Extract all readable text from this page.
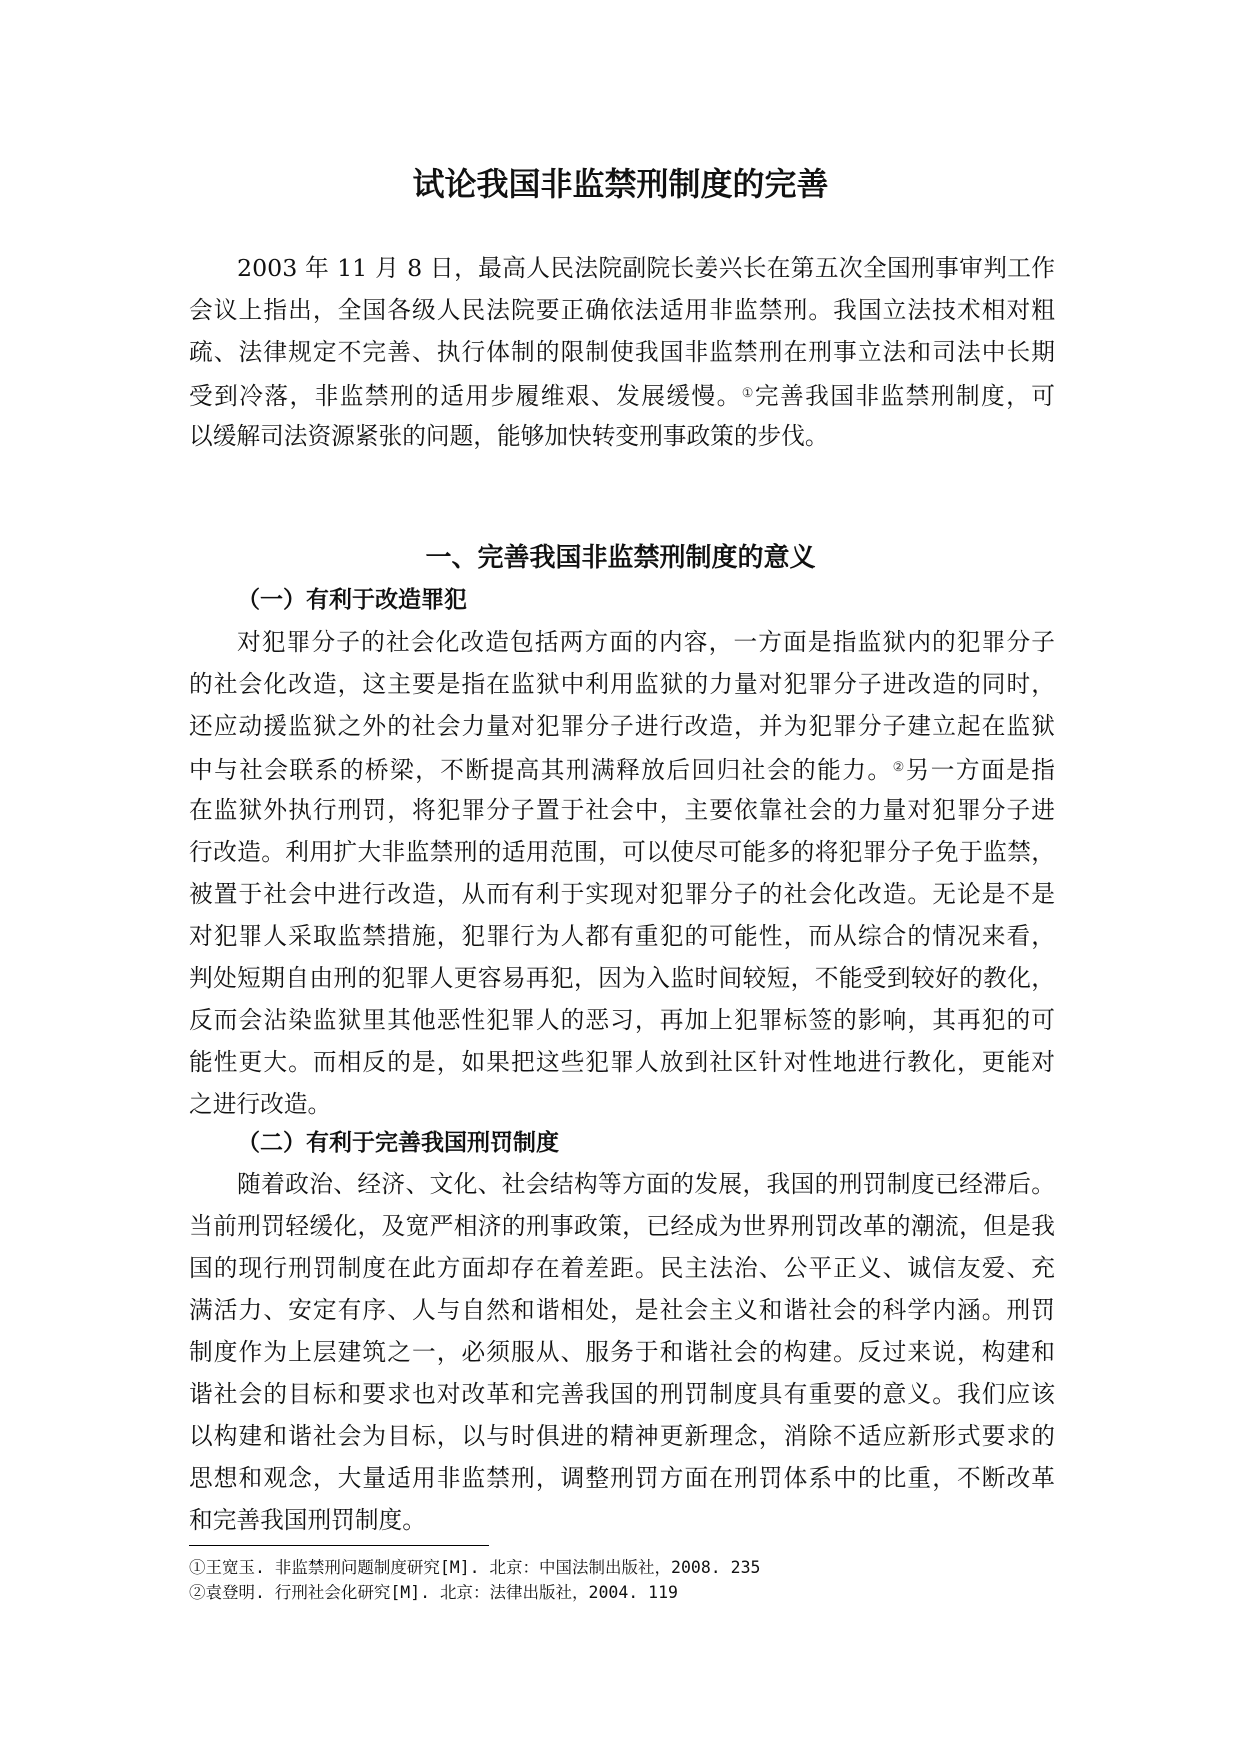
试论我国非监禁刑制度的完善
2003 年 11 月 8 日，最高人民法院副院长姜兴长在第五次全国刑事审判工作
会议上指出，全国各级人民法院要正确依法适用非监禁刑。我国立法技术相对粗
疏、法律规定不完善、执行体制的限制使我国非监禁刑在刑事立法和司法中长期
受到冷落，非监禁刑的适用步履维艰、发展缓慢。①完善我国非监禁刑制度，可
以缓解司法资源紧张的问题，能够加快转变刑事政策的步伐。
一、完善我国非监禁刑制度的意义
（一）有利于改造罪犯
对犯罪分子的社会化改造包括两方面的内容，一方面是指监狱内的犯罪分子
的社会化改造，这主要是指在监狱中利用监狱的力量对犯罪分子进改造的同时，
还应动援监狱之外的社会力量对犯罪分子进行改造，并为犯罪分子建立起在监狱
中与社会联系的桥梁，不断提高其刑满释放后回归社会的能力。②另一方面是指
在监狱外执行刑罚，将犯罪分子置于社会中，主要依靠社会的力量对犯罪分子进
行改造。利用扩大非监禁刑的适用范围，可以使尽可能多的将犯罪分子免于监禁，
被置于社会中进行改造，从而有利于实现对犯罪分子的社会化改造。无论是不是
对犯罪人采取监禁措施，犯罪行为人都有重犯的可能性，而从综合的情况来看，
判处短期自由刑的犯罪人更容易再犯，因为入监时间较短，不能受到较好的教化，
反而会沾染监狱里其他恶性犯罪人的恶习，再加上犯罪标签的影响，其再犯的可
能性更大。而相反的是，如果把这些犯罪人放到社区针对性地进行教化，更能对
之进行改造。
（二）有利于完善我国刑罚制度
随着政治、经济、文化、社会结构等方面的发展，我国的刑罚制度已经滞后。
当前刑罚轻缓化，及宽严相济的刑事政策，已经成为世界刑罚改革的潮流，但是我
国的现行刑罚制度在此方面却存在着差距。民主法治、公平正义、诚信友爱、充
满活力、安定有序、人与自然和谐相处，是社会主义和谐社会的科学内涵。刑罚
制度作为上层建筑之一，必须服从、服务于和谐社会的构建。反过来说，构建和
谐社会的目标和要求也对改革和完善我国的刑罚制度具有重要的意义。我们应该
以构建和谐社会为目标，以与时俱进的精神更新理念，消除不适应新形式要求的
思想和观念，大量适用非监禁刑，调整刑罚方面在刑罚体系中的比重，不断改革
和完善我国刑罚制度。
①王宽玉. 非监禁刑问题制度研究[M]. 北京：中国法制出版社，2008. 235
②袁登明. 行刑社会化研究[M]. 北京：法律出版社，2004. 119
